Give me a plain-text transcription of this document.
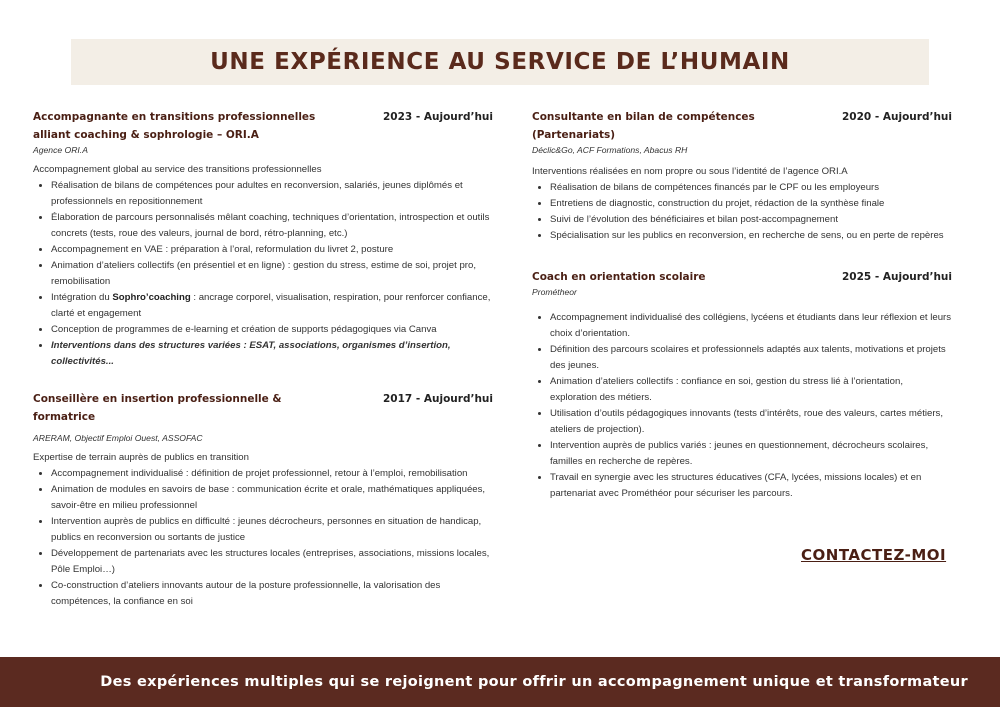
UNE EXPÉRIENCE AU SERVICE DE L’HUMAIN
Accompagnante en transitions professionnelles
alliant coaching & sophrologie – ORI.A
2023 - Aujourd’hui
Agence ORI.A
Accompagnement global au service des transitions professionnelles
• Réalisation de bilans de compétences pour adultes en reconversion, salariés, jeunes diplômés et professionnels en repositionnement
• Élaboration de parcours personnalisés mêlant coaching, techniques d’orientation, introspection et outils concrets (tests, roue des valeurs, journal de bord, rétro-planning, etc.)
• Accompagnement en VAE : préparation à l’oral, reformulation du livret 2, posture
• Animation d’ateliers collectifs (en présentiel et en ligne) : gestion du stress, estime de soi, projet pro, remobilisation
• Intégration du Sophro’coaching : ancrage corporel, visualisation, respiration, pour renforcer confiance, clarté et engagement
• Conception de programmes de e-learning et création de supports pédagogiques via Canva
• Interventions dans des structures variées : ESAT, associations, organismes d’insertion, collectivités...
Conseillère en insertion professionnelle &
formatrice
2017 - Aujourd’hui
ARERAM, Objectif Emploi Ouest, ASSOFAC
Expertise de terrain auprès de publics en transition
• Accompagnement individualisé : définition de projet professionnel, retour à l’emploi, remobilisation
• Animation de modules en savoirs de base : communication écrite et orale, mathématiques appliquées, savoir-être en milieu professionnel
• Intervention auprès de publics en difficulté : jeunes décrocheurs, personnes en situation de handicap, publics en reconversion ou sortants de justice
• Développement de partenariats avec les structures locales (entreprises, associations, missions locales, Pôle Emploi…)
• Co-construction d’ateliers innovants autour de la posture professionnelle, la valorisation des compétences, la confiance en soi
Consultante en bilan de compétences (Partenariats)
2020 - Aujourd’hui
Déclic&Go, ACF Formations, Abacus RH
Interventions réalisées en nom propre ou sous l’identité de l’agence ORI.A
• Réalisation de bilans de compétences financés par le CPF ou les employeurs
• Entretiens de diagnostic, construction du projet, rédaction de la synthèse finale
• Suivi de l’évolution des bénéficiaires et bilan post-accompagnement
• Spécialisation sur les publics en reconversion, en recherche de sens, ou en perte de repères
Coach en orientation scolaire	2025 - Aujourd’hui
Prométheor
• Accompagnement individualisé des collégiens, lycéens et étudiants dans leur réflexion et leurs choix d’orientation.
• Définition des parcours scolaires et professionnels adaptés aux talents, motivations et projets des jeunes.
• Animation d’ateliers collectifs : confiance en soi, gestion du stress lié à l’orientation, exploration des métiers.
• Utilisation d’outils pédagogiques innovants (tests d’intérêts, roue des valeurs, cartes métiers, ateliers de projection).
• Intervention auprès de publics variés : jeunes en questionnement, décrocheurs scolaires, familles en recherche de repères.
• Travail en synergie avec les structures éducatives (CFA, lycées, missions locales) et en partenariat avec Prométhéor pour sécuriser les parcours.
CONTACTEZ-MOI

Des expériences multiples qui se rejoignent pour offrir un accompagnement unique et transformateur
